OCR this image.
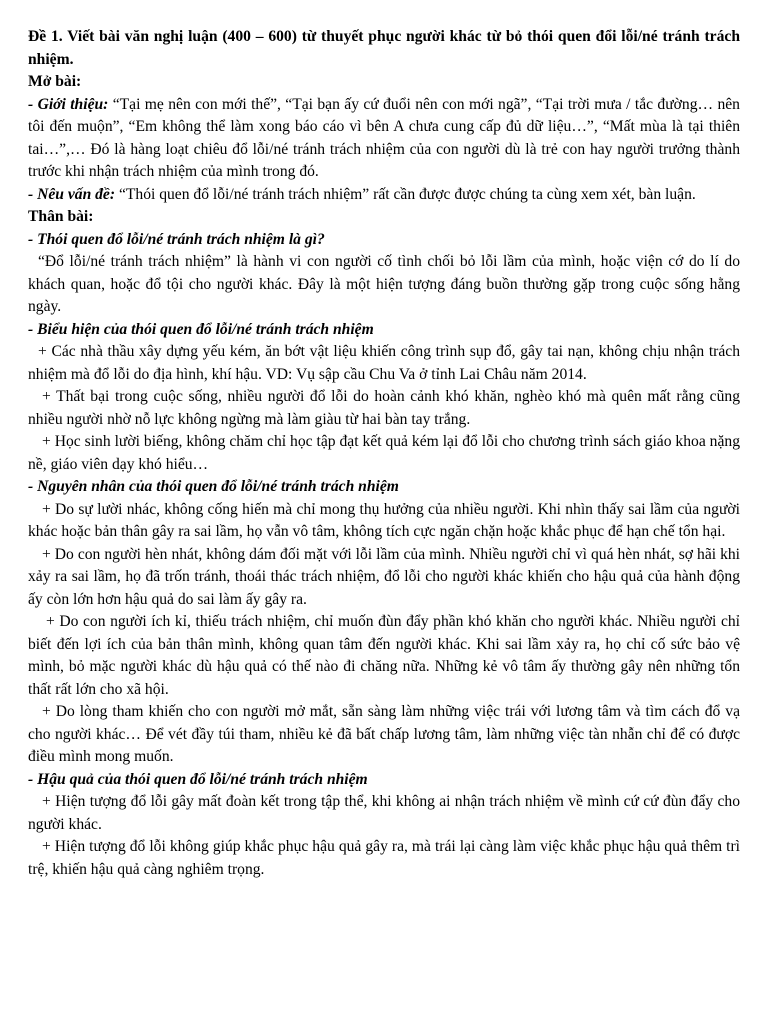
Đề 1. Viết bài văn nghị luận (400 – 600) từ thuyết phục người khác từ bỏ thói quen đổi lỗi/né tránh trách nhiệm.

Mở bài:

- Giới thiệu: “Tại mẹ nên con mới thế”, “Tại bạn ấy cứ đuổi nên con mới ngã”, “Tại trời mưa / tắc đường… nên tôi đến muộn”, “Em không thể làm xong báo cáo vì bên A chưa cung cấp đủ dữ liệu…”, “Mất mùa là tại thiên tai…”,… Đó là hàng loạt chiêu đổ lỗi/né tránh trách nhiệm của con người dù là trẻ con hay người trưởng thành trước khi nhận trách nhiệm của mình trong đó.

- Nêu vấn đề: “Thói quen đổ lỗi/né tránh trách nhiệm” rất cần được được chúng ta cùng xem xét, bàn luận.

Thân bài:

- Thói quen đổ lỗi/né tránh trách nhiệm là gì?

“Đổ lỗi/né tránh trách nhiệm” là hành vi con người cố tình chối bỏ lỗi lầm của mình, hoặc viện cớ do lí do khách quan, hoặc đổ tội cho người khác. Đây là một hiện tượng đáng buồn thường gặp trong cuộc sống hằng ngày.

- Biểu hiện của thói quen đổ lỗi/né tránh trách nhiệm

+ Các nhà thầu xây dựng yếu kém, ăn bớt vật liệu khiến công trình sụp đổ, gây tai nạn, không chịu nhận trách nhiệm mà đổ lỗi do địa hình, khí hậu. VD: Vụ sập cầu Chu Va ở tỉnh Lai Châu năm 2014.

+ Thất bại trong cuộc sống, nhiều người đổ lỗi do hoàn cảnh khó khăn, nghèo khó mà quên mất rằng cũng nhiều người nhờ nỗ lực không ngừng mà làm giàu từ hai bàn tay trắng.

+ Học sinh lười biếng, không chăm chỉ học tập đạt kết quả kém lại đổ lỗi cho chương trình sách giáo khoa nặng nề, giáo viên dạy khó hiểu…

- Nguyên nhân của thói quen đổ lỗi/né tránh trách nhiệm

+ Do sự lười nhác, không cống hiến mà chỉ mong thụ hưởng của nhiều người. Khi nhìn thấy sai lầm của người khác hoặc bản thân gây ra sai lầm, họ vẫn vô tâm, không tích cực ngăn chặn hoặc khắc phục để hạn chế tổn hại.

+ Do con người hèn nhát, không dám đối mặt với lỗi lầm của mình. Nhiều người chỉ vì quá hèn nhát, sợ hãi khi xảy ra sai lầm, họ đã trốn tránh, thoái thác trách nhiệm, đổ lỗi cho người khác khiến cho hậu quả của hành động ấy còn lớn hơn hậu quả do sai làm ấy gây ra.

+ Do con người ích kỉ, thiếu trách nhiệm, chỉ muốn đùn đẩy phần khó khăn cho người khác. Nhiều người chỉ biết đến lợi ích của bản thân mình, không quan tâm đến người khác. Khi sai lầm xảy ra, họ chỉ cố sức bảo vệ mình, bỏ mặc người khác dù hậu quả có thế nào đi chăng nữa. Những kẻ vô tâm ấy thường gây nên những tổn thất rất lớn cho xã hội.

+ Do lòng tham khiến cho con người mở mắt, sẵn sàng làm những việc trái với lương tâm và tìm cách đổ vạ cho người khác… Để vét đầy túi tham, nhiều kẻ đã bất chấp lương tâm, làm những việc tàn nhẫn chỉ để có được điều mình mong muốn.

- Hậu quả của thói quen đổ lỗi/né tránh trách nhiệm

+ Hiện tượng đổ lỗi gây mất đoàn kết trong tập thể, khi không ai nhận trách nhiệm về mình cứ cứ đùn đẩy cho người khác.

+ Hiện tượng đổ lỗi không giúp khắc phục hậu quả gây ra, mà trái lại càng làm việc khắc phục hậu quả thêm trì trệ, khiến hậu quả càng nghiêm trọng.
